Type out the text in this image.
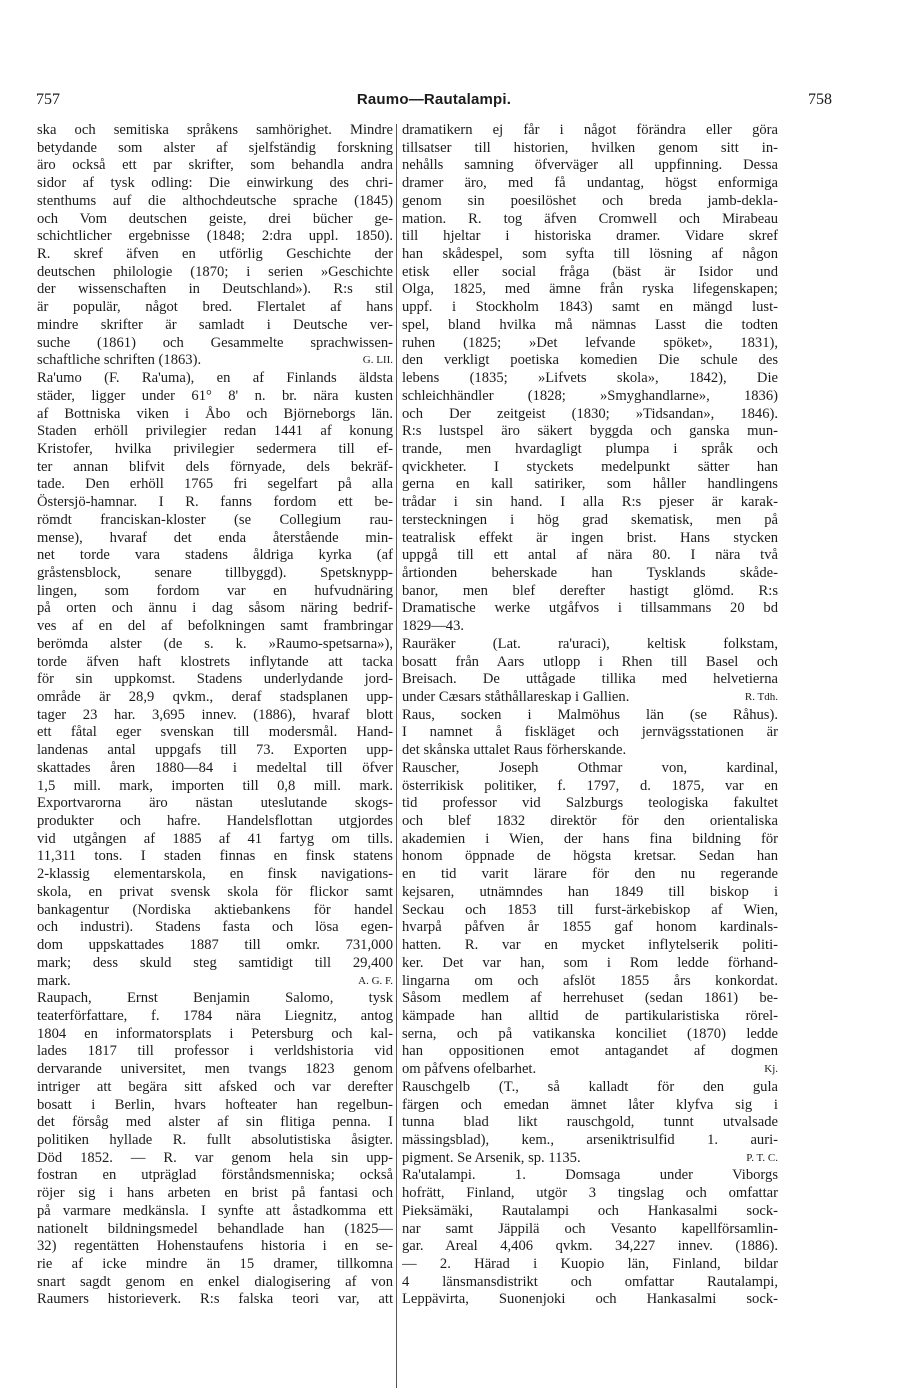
757	Raumo—Rautalampi.	758
ska och semitiska språkens samhörighet. Mindre
betydande som alster af sjelfständig forskning
äro också ett par skrifter, som behandla andra
sidor af tysk odling: Die einwirkung des chri-
stenthums auf die althochdeutsche sprache (1845)
och Vom deutschen geiste, drei bücher ge-
schichtlicher ergebnisse (1848; 2:dra uppl. 1850).
R. skref äfven en utförlig Geschichte der
deutschen philologie (1870; i serien »Geschichte
der wissenschaften in Deutschland»). R:s stil
är populär, något bred. Flertalet af hans
mindre skrifter är samladt i Deutsche ver-
suche (1861) och Gesammelte sprachwissen-
schaftliche schriften (1863).	G. LII.
Ra'umo (F. Ra'uma), en af Finlands äldsta
städer, ligger under 61° 8' n. br. nära kusten
af Bottniska viken i Åbo och Björneborgs län.
Staden erhöll privilegier redan 1441 af konung
Kristofer, hvilka privilegier sedermera till ef-
ter annan blifvit dels förnyade, dels bekräf-
tade. Den erhöll 1765 fri segelfart på alla
Östersjö-hamnar. I R. fanns fordom ett be-
römdt franciskan-kloster (se Collegium rau-
mense), hvaraf det enda återstående min-
net torde vara stadens åldriga kyrka (af
gråstensblock, senare tillbyggd). Spetsknypp-
lingen, som fordom var en hufvudnäring
på orten och ännu i dag såsom näring bedrif-
ves af en del af befolkningen samt frambringar
berömda alster (de s. k. »Raumo-spetsarna»),
torde äfven haft klostrets inflytande att tacka
för sin uppkomst. Stadens underlydande jord-
område är 28,9 qvkm., deraf stadsplanen upp-
tager 23 har. 3,695 innev. (1886), hvaraf blott
ett fåtal eger svenskan till modersmål. Hand-
landenas antal uppgafs till 73. Exporten upp-
skattades åren 1880—84 i medeltal till öfver
1,5 mill. mark, importen till 0,8 mill. mark.
Exportvarorna äro nästan uteslutande skogs-
produkter och hafre. Handelsflottan utgjordes
vid utgången af 1885 af 41 fartyg om tills.
11,311 tons. I staden finnas en finsk statens
2-klassig elementarskola, en finsk navigations-
skola, en privat svensk skola för flickor samt
bankagentur (Nordiska aktiebankens för handel
och industri). Stadens fasta och lösa egen-
dom uppskattades 1887 till omkr. 731,000
mark; dess skuld steg samtidigt till 29,400
mark.	A. G. F.
Raupach, Ernst Benjamin Salomo, tysk
teaterförfattare, f. 1784 nära Liegnitz, antog
1804 en informatorsplats i Petersburg och kal-
lades 1817 till professor i verldshistoria vid
dervarande universitet, men tvangs 1823 genom
intriger att begära sitt afsked och var derefter
bosatt i Berlin, hvars hofteater han regelbun-
det försåg med alster af sin flitiga penna. I
politiken hyllade R. fullt absolutistiska åsigter.
Död 1852. — R. var genom hela sin upp-
fostran en utpräglad förståndsmenniska; också
röjer sig i hans arbeten en brist på fantasi och
på varmare medkänsla. I synfte att åstadkomma ett
nationelt bildningsmedel behandlade han (1825—
32) regentätten Hohenstaufens historia i en se-
rie af icke mindre än 15 dramer, tillkomna
snart sagdt genom en enkel dialogisering af von
Raumers historieverk. R:s falska teori var, att
dramatikern ej får i något förändra eller göra
tillsatser till historien, hvilken genom sitt in-
nehålls samning öfverväger all uppfinning. Dessa
dramer äro, med få undantag, högst enformiga
genom sin poesilöshet och breda jamb-dekla-
mation. R. tog äfven Cromwell och Mirabeau
till hjeltar i historiska dramer. Vidare skref
han skådespel, som syfta till lösning af någon
etisk eller social fråga (bäst är Isidor und
Olga, 1825, med ämne från ryska lifegenskapen;
uppf. i Stockholm 1843) samt en mängd lust-
spel, bland hvilka må nämnas Lasst die todten
ruhen (1825; »Det lefvande spöket», 1831),
den verkligt poetiska komedien Die schule des
lebens (1835; »Lifvets skola», 1842), Die
schleichhändler (1828; »Smyghandlarne», 1836)
och Der zeitgeist (1830; »Tidsandan», 1846).
R:s lustspel äro säkert byggda och ganska mun-
trande, men hvardagligt plumpa i språk och
qvickheter. I styckets medelpunkt sätter han
gerna en kall satiriker, som håller handlingens
trådar i sin hand. I alla R:s pjeser är karak-
tersteckningen i hög grad skematisk, men på
teatralisk effekt är ingen brist. Hans stycken
uppgå till ett antal af nära 80. I nära två
årtionden beherskade han Tysklands skåde-
banor, men blef derefter hastigt glömd. R:s
Dramatische werke utgåfvos i tillsammans 20 bd
1829—43.
Rauräker (Lat. ra'uraci), keltisk folkstam,
bosatt från Aars utlopp i Rhen till Basel och
Breisach. De uttågade tillika med helvetierna
under Cæsars ståthållareskap i Gallien.	R. Tdh.
Raus, socken i Malmöhus län (se Råhus).
I namnet å fiskläget och jernvägsstationen är
det skånska uttalet Raus förherskande.
Rauscher, Joseph Othmar von, kardinal,
österrikisk politiker, f. 1797, d. 1875, var en
tid professor vid Salzburgs teologiska fakultet
och blef 1832 direktör för den orientaliska
akademien i Wien, der hans fina bildning för
honom öppnade de högsta kretsar. Sedan han
en tid varit lärare för den nu regerande
kejsaren, utnämndes han 1849 till biskop i
Seckau och 1853 till furst-ärkebiskop af Wien,
hvarpå påfven år 1855 gaf honom kardinals-
hatten. R. var en mycket inflytelserik politi-
ker. Det var han, som i Rom ledde förhand-
lingarna om och afslöt 1855 års konkordat.
Såsom medlem af herrehuset (sedan 1861) be-
kämpade han alltid de partikularistiska rörel-
serna, och på vatikanska konciliet (1870) ledde
han oppositionen emot antagandet af dogmen
om påfvens ofelbarhet.	Kj.
Rauschgelb (T., så kalladt för den gula
färgen och emedan ämnet låter klyfva sig i
tunna blad likt rauschgold, tunnt utvalsade
mässingsblad), kem., arseniktrisulfid 1. auri-
pigment. Se Arsenik, sp. 1135.	P. T. C.
Ra'utalampi. 1. Domsaga under Viborgs
hofrätt, Finland, utgör 3 tingslag och omfattar
Pieksämäki, Rautalampi och Hankasalmi sock-
nar samt Jäppilä och Vesanto kapellförsamlin-
gar. Areal 4,406 qvkm. 34,227 innev. (1886).
— 2. Härad i Kuopio län, Finland, bildar
4 länsmansdistrikt och omfattar Rautalampi,
Leppävirta, Suonenjoki och Hankasalmi sock-
